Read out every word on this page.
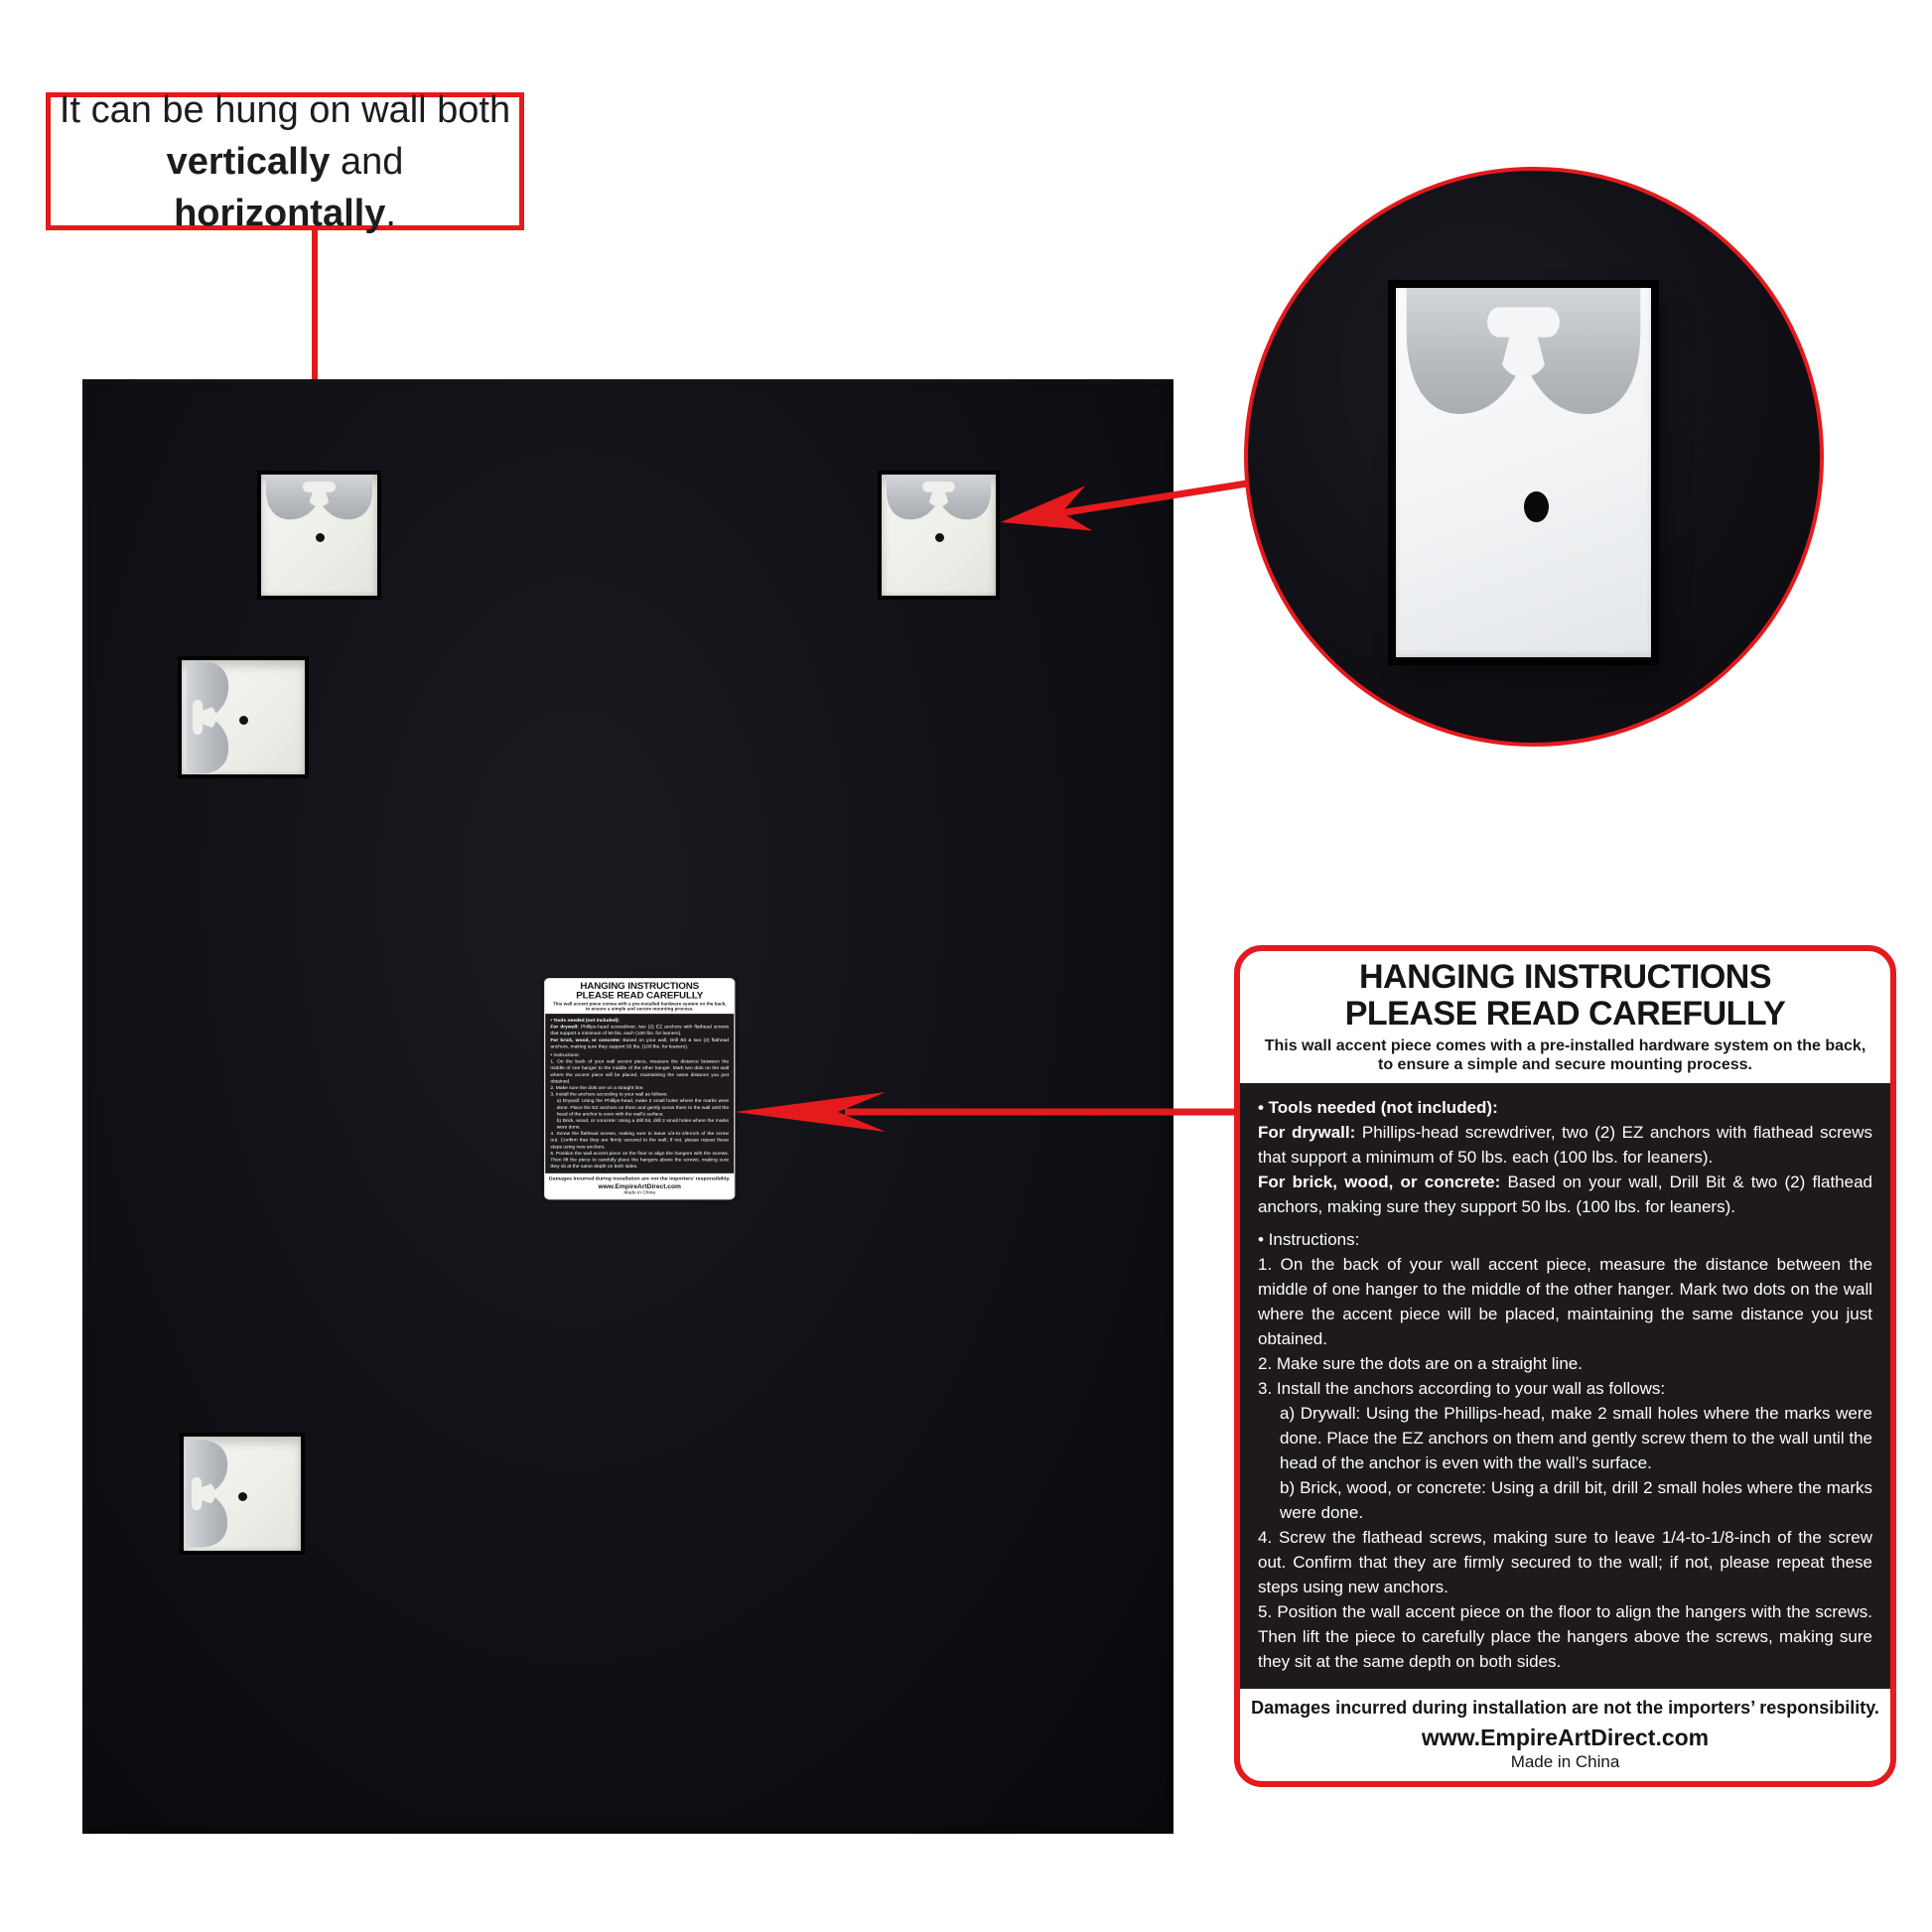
It can be hung on wall both
vertically and horizontally.
HANGING INSTRUCTIONS
PLEASE READ CAREFULLY
This wall accent piece comes with a pre-installed hardware system on the back,
to ensure a simple and secure mounting process.

• Tools needed (not included):

For drywall: Phillips-head screwdriver, two (2) EZ anchors with flathead screws that support a minimum of 50 lbs. each (100 lbs. for leaners).

For brick, wood, or concrete: Based on your wall, Drill Bit & two (2) flathead anchors, making sure they support 50 lbs. (100 lbs. for leaners).

• Instructions:

1. On the back of your wall accent piece, measure the distance between the middle of one hanger to the middle of the other hanger. Mark two dots on the wall where the accent piece will be placed, maintaining the same distance you just obtained.

2. Make sure the dots are on a straight line.

3. Install the anchors according to your wall as follows:

a) Drywall: Using the Phillips-head, make 2 small holes where the marks were done. Place the EZ anchors on them and gently screw them to the wall until the head of the anchor is even with the wall’s surface.

b) Brick, wood, or concrete: Using a drill bit, drill 2 small holes where the marks were done.

4. Screw the flathead screws, making sure to leave 1/4-to-1/8-inch of the screw out. Confirm that they are firmly secured to the wall; if not, please repeat these steps using new anchors.

5. Position the wall accent piece on the floor to align the hangers with the screws. Then lift the piece to carefully place the hangers above the screws, making sure they sit at the same depth on both sides.

Damages incurred during installation are not the importers’ responsibility.
www.EmpireArtDirect.com
Made in China
HANGING INSTRUCTIONS
PLEASE READ CAREFULLY
This wall accent piece comes with a pre-installed hardware system on the back,
to ensure a simple and secure mounting process.

• Tools needed (not included):

For drywall: Phillips-head screwdriver, two (2) EZ anchors with flathead screws that support a minimum of 50 lbs. each (100 lbs. for leaners).

For brick, wood, or concrete: Based on your wall, Drill Bit & two (2) flathead anchors, making sure they support 50 lbs. (100 lbs. for leaners).

• Instructions:

1. On the back of your wall accent piece, measure the distance between the middle of one hanger to the middle of the other hanger. Mark two dots on the wall where the accent piece will be placed, maintaining the same distance you just obtained.

2. Make sure the dots are on a straight line.

3. Install the anchors according to your wall as follows:

a) Drywall: Using the Phillips-head, make 2 small holes where the marks were done. Place the EZ anchors on them and gently screw them to the wall until the head of the anchor is even with the wall’s surface.

b) Brick, wood, or concrete: Using a drill bit, drill 2 small holes where the marks were done.

4. Screw the flathead screws, making sure to leave 1/4-to-1/8-inch of the screw out. Confirm that they are firmly secured to the wall; if not, please repeat these steps using new anchors.

5. Position the wall accent piece on the floor to align the hangers with the screws. Then lift the piece to carefully place the hangers above the screws, making sure they sit at the same depth on both sides.

Damages incurred during installation are not the importers’ responsibility.
www.EmpireArtDirect.com
Made in China
